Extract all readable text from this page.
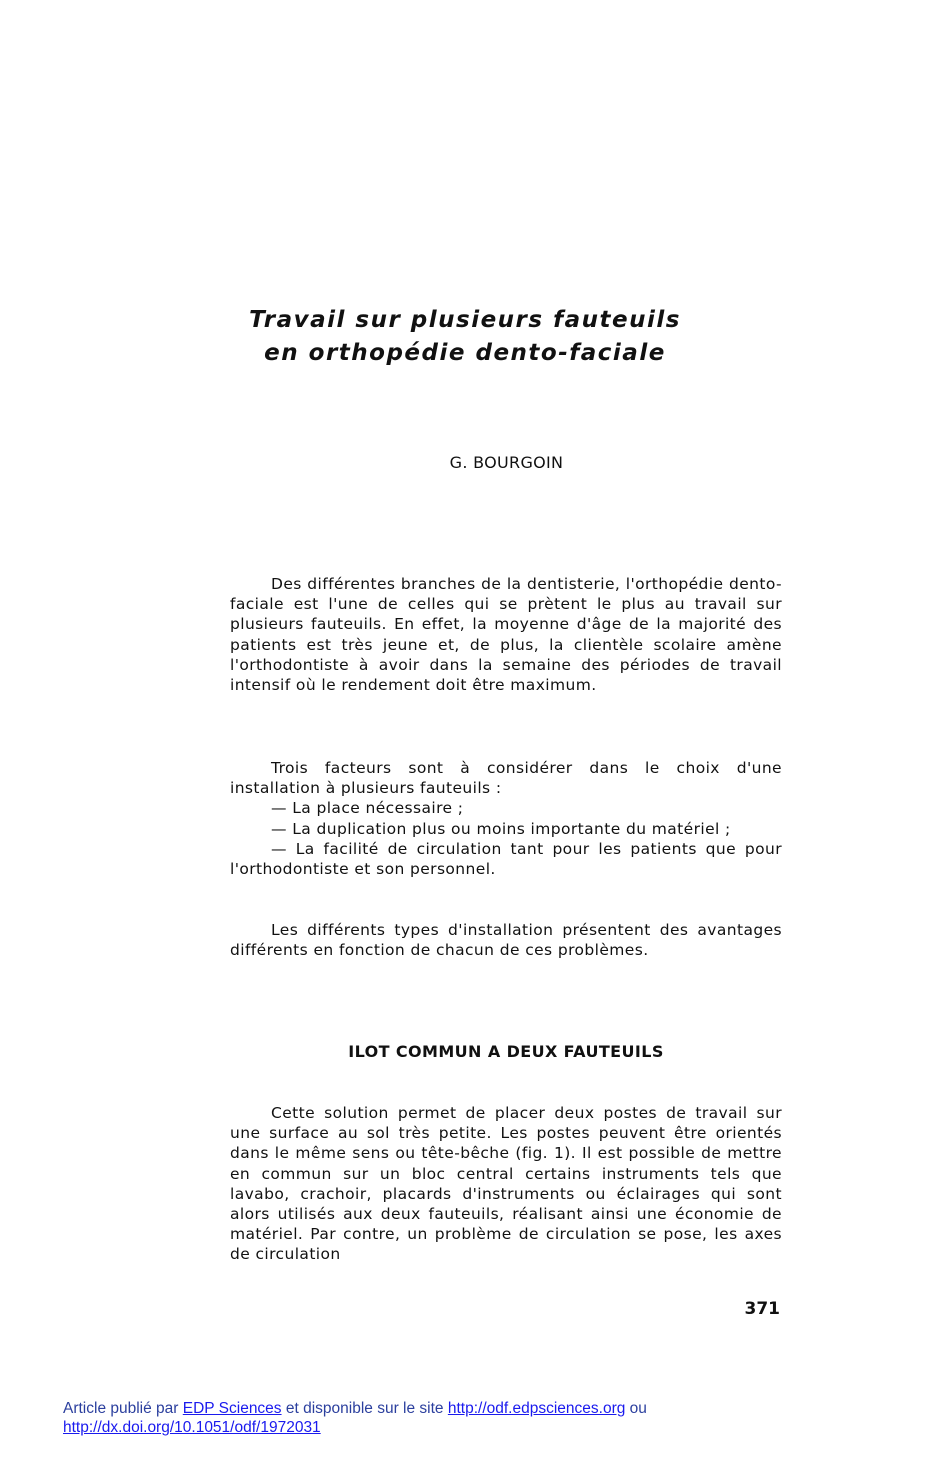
Travail sur plusieurs fauteuils
en orthopédie dento-faciale

G. BOURGOIN

Des différentes branches de la dentisterie, l'orthopédie dento-faciale est l'une de celles qui se prètent le plus au travail sur plusieurs fauteuils. En effet, la moyenne d'âge de la majorité des patients est très jeune et, de plus, la clientèle scolaire amène l'orthodontiste à avoir dans la semaine des périodes de travail intensif où le rendement doit être maximum.

Trois facteurs sont à considérer dans le choix d'une installation à plusieurs fauteuils :

— La place nécessaire ;

— La duplication plus ou moins importante du matériel ;

— La facilité de circulation tant pour les patients que pour l'orthodontiste et son personnel.

Les différents types d'installation présentent des avantages différents en fonction de chacun de ces problèmes.

ILOT COMMUN A DEUX FAUTEUILS

Cette solution permet de placer deux postes de travail sur une surface au sol très petite. Les postes peuvent être orientés dans le même sens ou tête-bêche (fig. 1). Il est possible de mettre en commun sur un bloc central certains instruments tels que lavabo, crachoir, placards d'instruments ou éclairages qui sont alors utilisés aux deux fauteuils, réalisant ainsi une économie de matériel. Par contre, un problème de circulation se pose, les axes de circulation

371

Article publié par EDP Sciences et disponible sur le site http://odf.edpsciences.org ou
http://dx.doi.org/10.1051/odf/1972031
